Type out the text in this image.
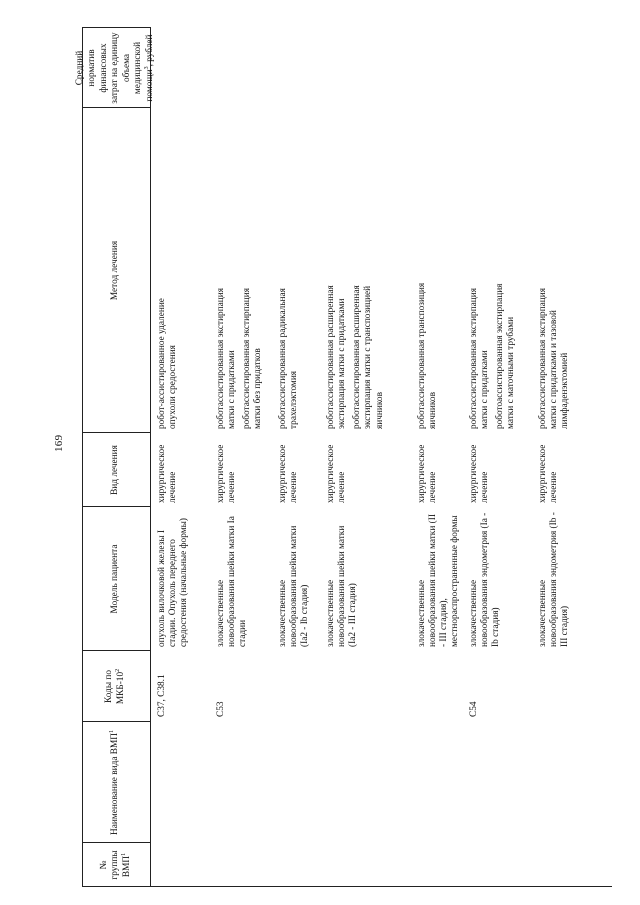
169
№ группы ВМП$^1$
Наименование вида ВМП$^1$
Коды по МКБ-$10^2$
Модель пациента
Вид лечения
Метод лечения
Средний норматив финансовых затрат на единицу объема медицинской помощи$^3$, рублей
С37, С38.1
опухоль вилочковой железы I стадии. Опухоль переднего средостения (начальные формы)
хирургическое лечение
робот-ассистированное удаление опухоли средостения
С53
злокачественные новообразования шейки матки Ia стадии
хирургическое лечение
роботассистированная экстирпация матки с придатками роботассистированная экстирпация матки без придатков
злокачественные новообразования шейки матки (Ia2 - Ib стадия)
хирургическое лечение
роботассистированная радикальная трахелэктомия
злокачественные новообразования шейки матки (Ia2 - III стадия)
хирургическое лечение
роботассистированная расширенная экстирпация матки с придатками роботассистированная расширенная экстирпация матки с транспозицией яичников
злокачественные новообразования шейки матки (II - III стадия), местнораспространенные формы
хирургическое лечение
роботассистированная транспозиция яичников
С54
злокачественные новообразования эндометрия (Ia - Ib стадия)
хирургическое лечение
роботассистированная экстирпация матки с придатками роботоассистированная экстирпация матки с маточными трубами
злокачественные новообразования эндометрия (Ib - III стадия)
хирургическое лечение
роботассистированная экстирпация матки с придатками и тазовой лимфаденэктомией
